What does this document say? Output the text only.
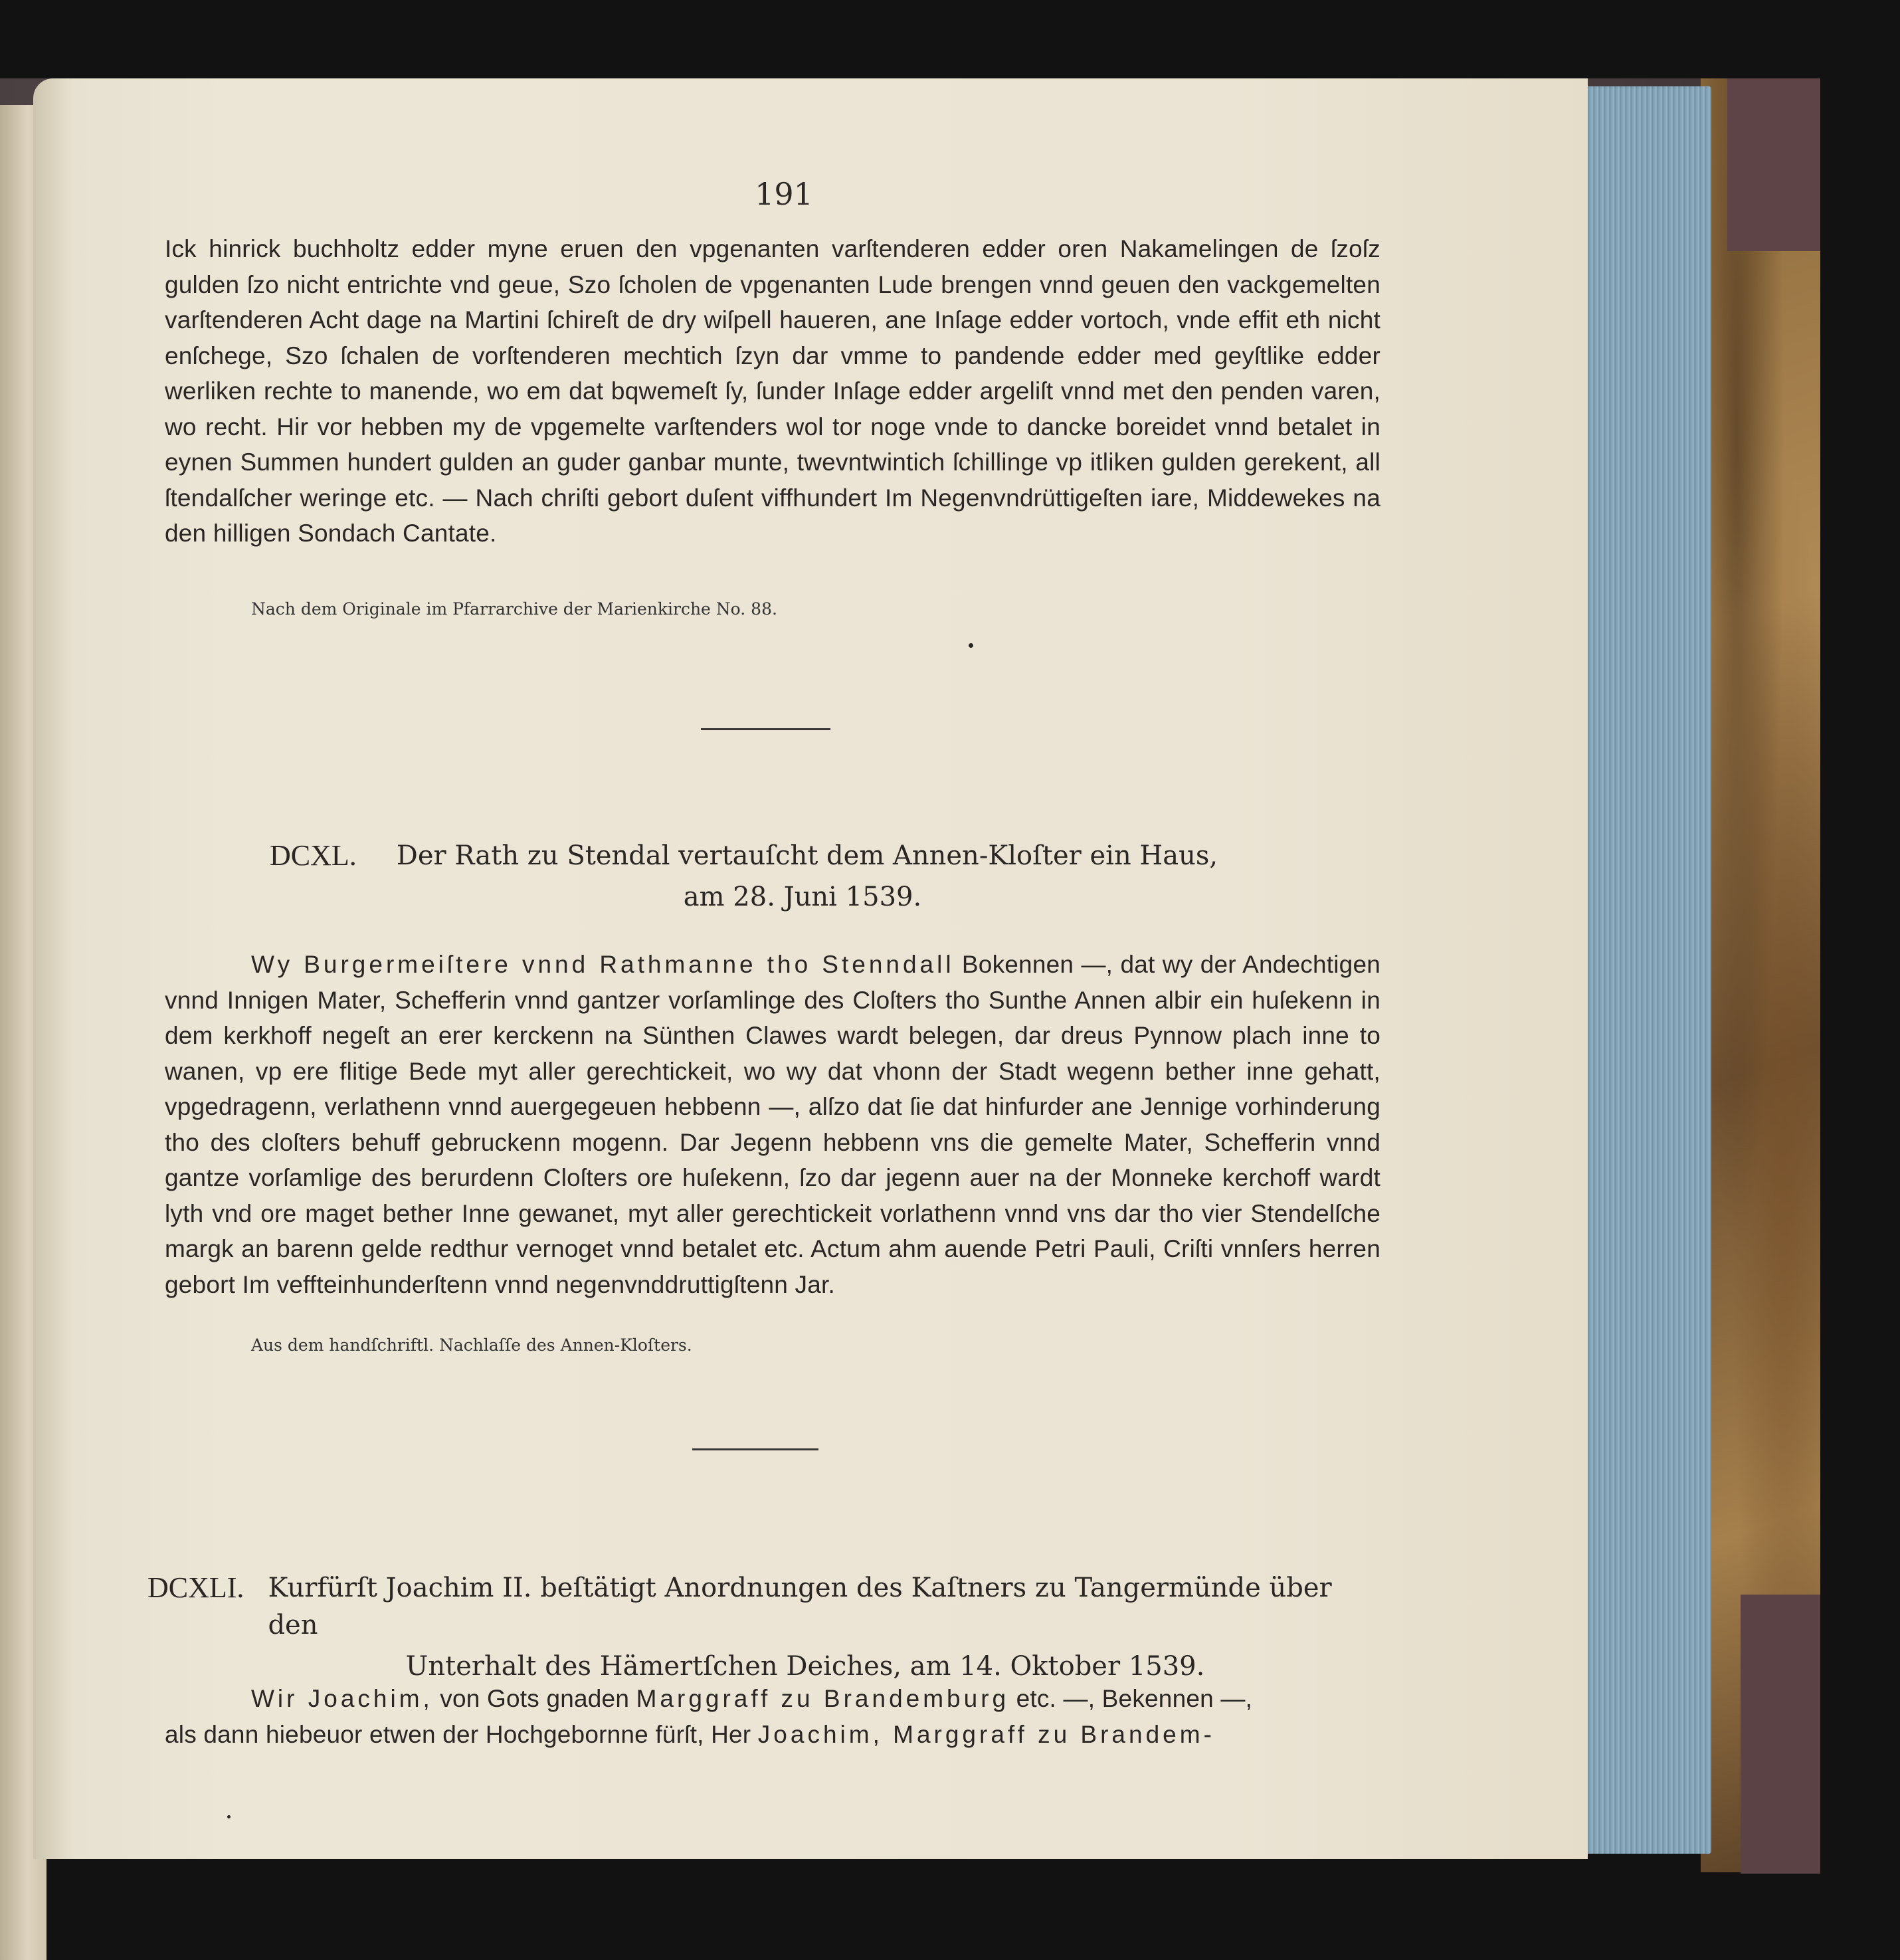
191
Ick hinrick buchholtz edder myne eruen den vpgenanten varſtenderen edder oren Nakamelingen de ſzoſz gulden ſzo nicht entrichte vnd geue, Szo ſcholen de vpgenanten Lude brengen vnnd geuen den vackgemelten varſtenderen Acht dage na Martini ſchireſt de dry wiſpell haueren, ane Inſage edder vortoch, vnde effit eth nicht enſchege, Szo ſchalen de vorſtenderen mechtich ſzyn dar vmme to pandende edder med geyſtlike edder werliken rechte to manende, wo em dat bqwemeſt ſy, ſunder Inſage edder argeliſt vnnd met den penden varen, wo recht. Hir vor hebben my de vpgemelte varſtenders wol tor noge vnde to dancke boreidet vnnd betalet in eynen Summen hundert gulden an guder ganbar munte, twevntwintich ſchillinge vp itliken gulden gerekent, all ſtendalſcher weringe etc. — Nach chriſti gebort duſent viffhundert Im Negenvndrüttigeſten iare, Middewekes na den hilligen Sondach Cantate.
Nach dem Originale im Pfarrarchive der Marienkirche No. 88.
DCXL. Der Rath zu Stendal vertauſcht dem Annen-Kloſter ein Haus,
am 28. Juni 1539.
Wy Burgermeiſtere vnnd Rathmanne tho Stenndall Bokennen —, dat wy der Andechtigen vnnd Innigen Mater, Schefferin vnnd gantzer vorſamlinge des Cloſters tho Sunthe Annen albir ein huſekenn in dem kerkhoff negeſt an erer kerckenn na Sünthen Clawes wardt belegen, dar dreus Pynnow plach inne to wanen, vp ere flitige Bede myt aller gerechtickeit, wo wy dat vhonn der Stadt wegenn bether inne gehatt, vpgedragenn, verlathenn vnnd auergegeuen hebbenn —, alſzo dat ſie dat hinfurder ane Jennige vorhinderung tho des cloſters behuff gebruckenn mogenn. Dar Jegenn hebbenn vns die gemelte Mater, Schefferin vnnd gantze vorſamlige des berurdenn Cloſters ore huſekenn, ſzo dar jegenn auer na der Monneke kerchoff wardt lyth vnd ore maget bether Inne gewanet, myt aller gerechtickeit vorlathenn vnnd vns dar tho vier Stendelſche margk an barenn gelde redthur vernoget vnnd betalet etc. Actum ahm auende Petri Pauli, Criſti vnnſers herren gebort Im veffteinhunderſtenn vnnd negenvnddruttigſtenn Jar.
Aus dem handſchriftl. Nachlaſſe des Annen-Kloſters.
DCXLI. Kurfürſt Joachim II. beſtätigt Anordnungen des Kaſtners zu Tangermünde über den
Unterhalt des Hämertſchen Deiches, am 14. Oktober 1539.
Wir Joachim, von Gots gnaden Marggraff zu Brandemburg etc. —, Bekennen —,
als dann hiebeuor etwen der Hochgebornne fürſt, Her Joachim, Marggraff zu Brandem-
